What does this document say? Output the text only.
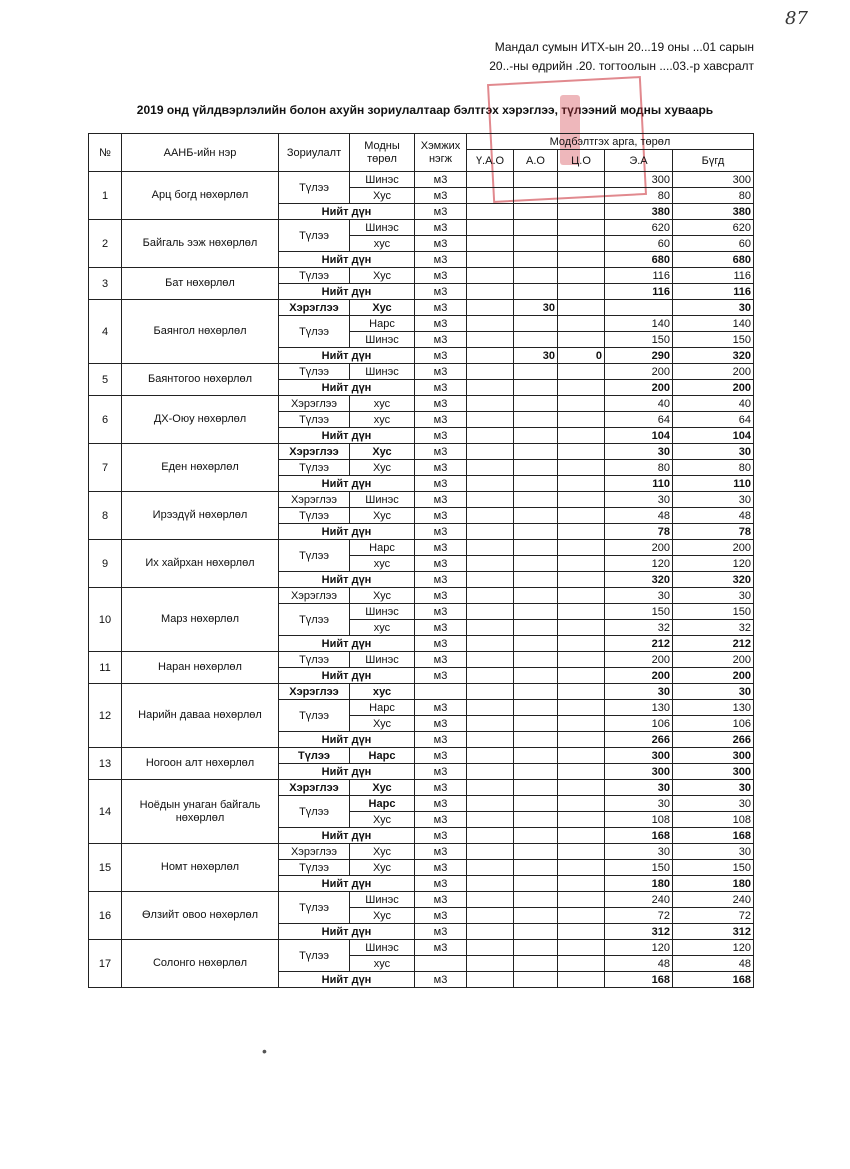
87
Мандал сумын ИТХ-ын 20...19 оны ...01 сарын
20..-ны өдрийн .20. тогтоолын ....03.-р хавсралт
2019 онд үйлдвэрлэлийн болон ахуйн зориулалтаар бэлтгэх хэрэглээ, түлээний модны хуваарь
№	ААНБ-ийн нэр	Зориулалт	Модны төрөл	Хэмжих нэгж	Модбэлтгэх арга, төрөл				
					Ү.А.О	А.О	Ц.О	Э.А	Бүгд
1	Арц богд нөхөрлөл	Түлээ	Шинэс	м3				300	300
			Хус	м3				80	80
		Нийт дүн		м3				380	380
2	Байгаль ээж нөхөрлөл	Түлээ	Шинэс	м3				620	620
			хус	м3				60	60
		Нийт дүн		м3				680	680
3	Бат нөхөрлөл	Түлээ	Хус	м3				116	116
		Нийт дүн		м3				116	116
4	Баянгол нөхөрлөл	Хэрэглээ	Хус	м3		30			30
		Түлээ	Нарс	м3				140	140
			Шинэс	м3				150	150
		Нийт дүн		м3		30	0	290	320
5	Баянтогоо нөхөрлөл	Түлээ	Шинэс	м3				200	200
		Нийт дүн		м3				200	200
6	ДХ-Оюу нөхөрлөл	Хэрэглээ	хус	м3				40	40
		Түлээ	хус	м3				64	64
		Нийт дүн		м3				104	104
7	Еден нөхөрлөл	Хэрэглээ	Хус	м3				30	30
		Түлээ	Хус	м3				80	80
		Нийт дүн		м3				110	110
8	Ирээдүй нөхөрлөл	Хэрэглээ	Шинэс	м3				30	30
		Түлээ	Хус	м3				48	48
		Нийт дүн		м3				78	78
9	Их хайрхан нөхөрлөл	Түлээ	Нарс	м3				200	200
			хус	м3				120	120
		Нийт дүн		м3				320	320
10	Марз нөхөрлөл	Хэрэглээ	Хус	м3				30	30
		Түлээ	Шинэс	м3				150	150
			хус	м3				32	32
		Нийт дүн		м3				212	212
11	Наран нөхөрлөл	Түлээ	Шинэс	м3				200	200
		Нийт дүн		м3				200	200
12	Нарийн даваа нөхөрлөл	Хэрэглээ	хус					30	30
		Түлээ	Нарс	м3				130	130
			Хус	м3				106	106
		Нийт дүн		м3				266	266
13	Ногоон алт нөхөрлөл	Түлээ	Нарс	м3				300	300
		Нийт дүн		м3				300	300
14	Ноёдын унаган байгаль нөхөрлөл	Хэрэглээ	Хус	м3				30	30
		Түлээ	Нарс	м3				30	30
			Хус	м3				108	108
		Нийт дүн		м3				168	168
15	Номт нөхөрлөл	Хэрэглээ	Хус	м3				30	30
		Түлээ	Хус	м3				150	150
		Нийт дүн		м3				180	180
16	Өлзийт овоо нөхөрлөл	Түлээ	Шинэс	м3				240	240
			Хус	м3				72	72
		Нийт дүн		м3				312	312
17	Солонго нөхөрлөл	Түлээ	Шинэс	м3				120	120
			хус					48	48
		Нийт дүн		м3				168	168
•
